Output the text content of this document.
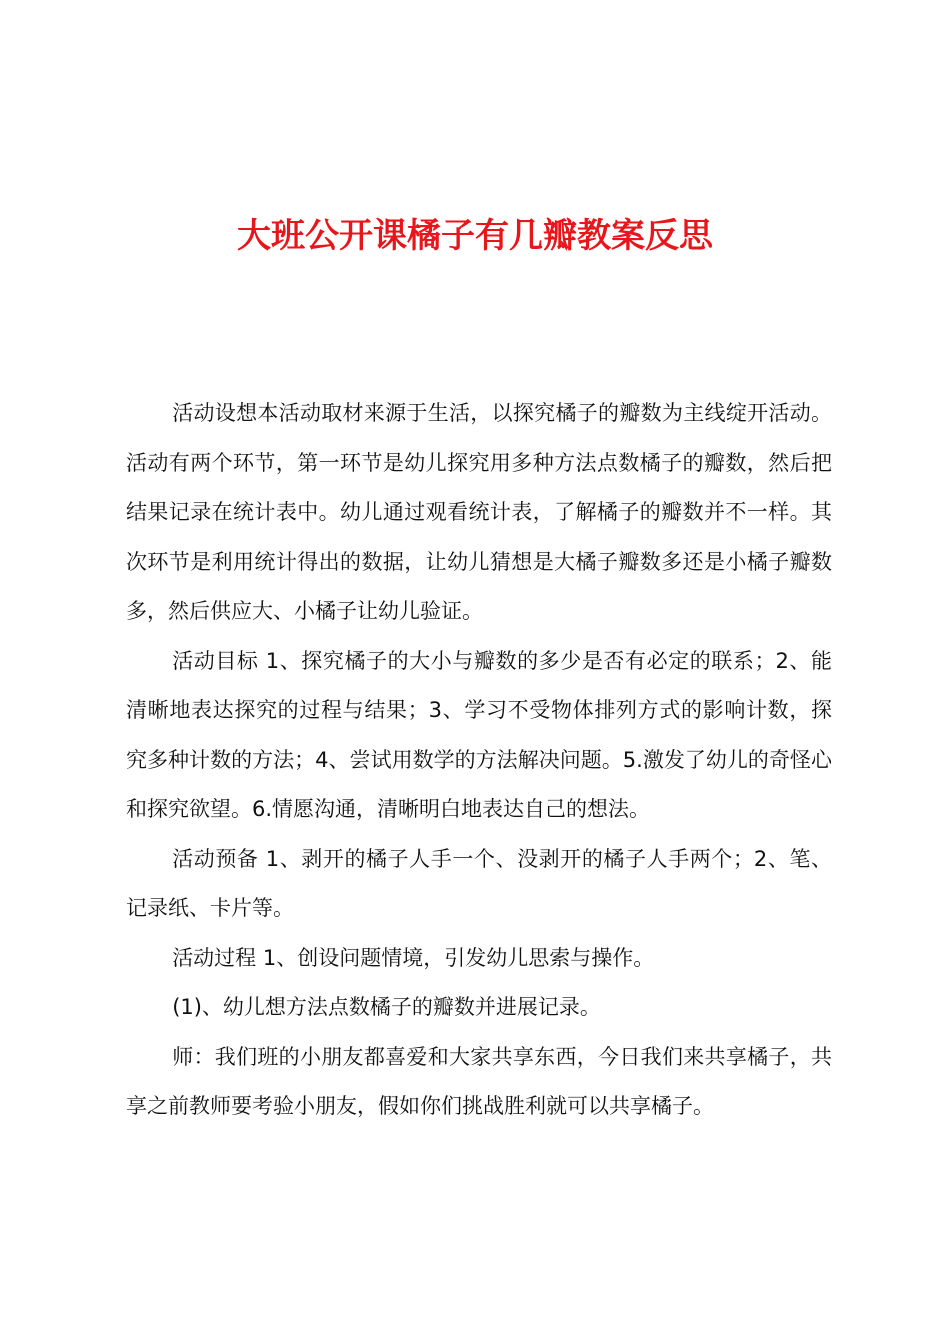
大班公开课橘子有几瓣教案反思

活动设想本活动取材来源于生活，以探究橘子的瓣数为主线绽开活动。活动有两个环节，第一环节是幼儿探究用多种方法点数橘子的瓣数，然后把结果记录在统计表中。幼儿通过观看统计表，了解橘子的瓣数并不一样。其次环节是利用统计得出的数据，让幼儿猜想是大橘子瓣数多还是小橘子瓣数多，然后供应大、小橘子让幼儿验证。

活动目标 1、探究橘子的大小与瓣数的多少是否有必定的联系；2、能清晰地表达探究的过程与结果；3、学习不受物体排列方式的影响计数，探究多种计数的方法；4、尝试用数学的方法解决问题。5.激发了幼儿的奇怪心和探究欲望。6.情愿沟通，清晰明白地表达自己的想法。

活动预备 1、剥开的橘子人手一个、没剥开的橘子人手两个；2、笔、记录纸、卡片等。

活动过程 1、创设问题情境，引发幼儿思索与操作。

(1)、幼儿想方法点数橘子的瓣数并进展记录。

师：我们班的小朋友都喜爱和大家共享东西，今日我们来共享橘子，共享之前教师要考验小朋友，假如你们挑战胜利就可以共享橘子。
